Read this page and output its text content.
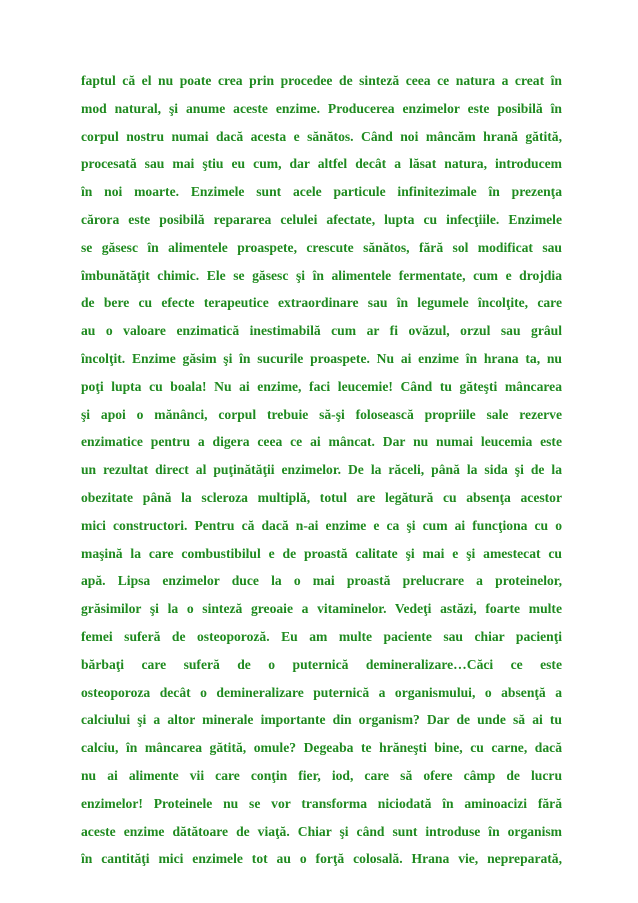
faptul că el nu poate crea prin procedee de sinteză ceea ce natura a creat în
mod natural, şi anume aceste enzime. Producerea enzimelor este posibilă în
corpul nostru numai dacă acesta e sănătos. Când noi mâncăm hrană gătită,
procesată sau mai ştiu eu cum, dar altfel decât a lăsat natura, introducem
în noi moarte. Enzimele sunt acele particule infinitezimale în prezenţa
cărora este posibilă repararea celulei afectate, lupta cu infecţiile. Enzimele
se găsesc în alimentele proaspete, crescute sănătos, fără sol modificat sau
îmbunătăţit chimic. Ele se găsesc şi în alimentele fermentate, cum e drojdia
de bere cu efecte terapeutice extraordinare sau în legumele încolţite, care
au o valoare enzimatică inestimabilă cum ar fi ovăzul, orzul sau grâul
încolţit. Enzime găsim şi în sucurile proaspete. Nu ai enzime în hrana ta, nu
poţi lupta cu boala! Nu ai enzime, faci leucemie! Când tu găteşti mâncarea
şi apoi o mănânci, corpul trebuie să-şi folosească propriile sale rezerve
enzimatice pentru a digera ceea ce ai mâncat. Dar nu numai leucemia este
un rezultat direct al puţinătăţii enzimelor. De la răceli, până la sida şi de la
obezitate până la scleroza multiplă, totul are legătură cu absenţa acestor
mici constructori. Pentru că dacă n-ai enzime e ca şi cum ai funcţiona cu o
maşină la care combustibilul e de proastă calitate şi mai e şi amestecat cu
apă. Lipsa enzimelor duce la o mai proastă prelucrare a proteinelor,
grăsimilor şi la o sinteză greoaie a vitaminelor. Vedeţi astăzi, foarte multe
femei suferă de osteoporoză. Eu am multe paciente sau chiar pacienţi
bărbaţi care suferă de o puternică demineralizare…Căci ce este
osteoporoza decât o demineralizare puternică a organismului, o absenţă a
calciului şi a altor minerale importante din organism? Dar de unde să ai tu
calciu, în mâncarea gătită, omule? Degeaba te hrăneşti bine, cu carne, dacă
nu ai alimente vii care conţin fier, iod, care să ofere câmp de lucru
enzimelor! Proteinele nu se vor transforma niciodată în aminoacizi fără
aceste enzime dătătoare de viaţă. Chiar şi când sunt introduse în organism
în cantităţi mici enzimele tot au o forţă colosală. Hrana vie, nepreparată,
